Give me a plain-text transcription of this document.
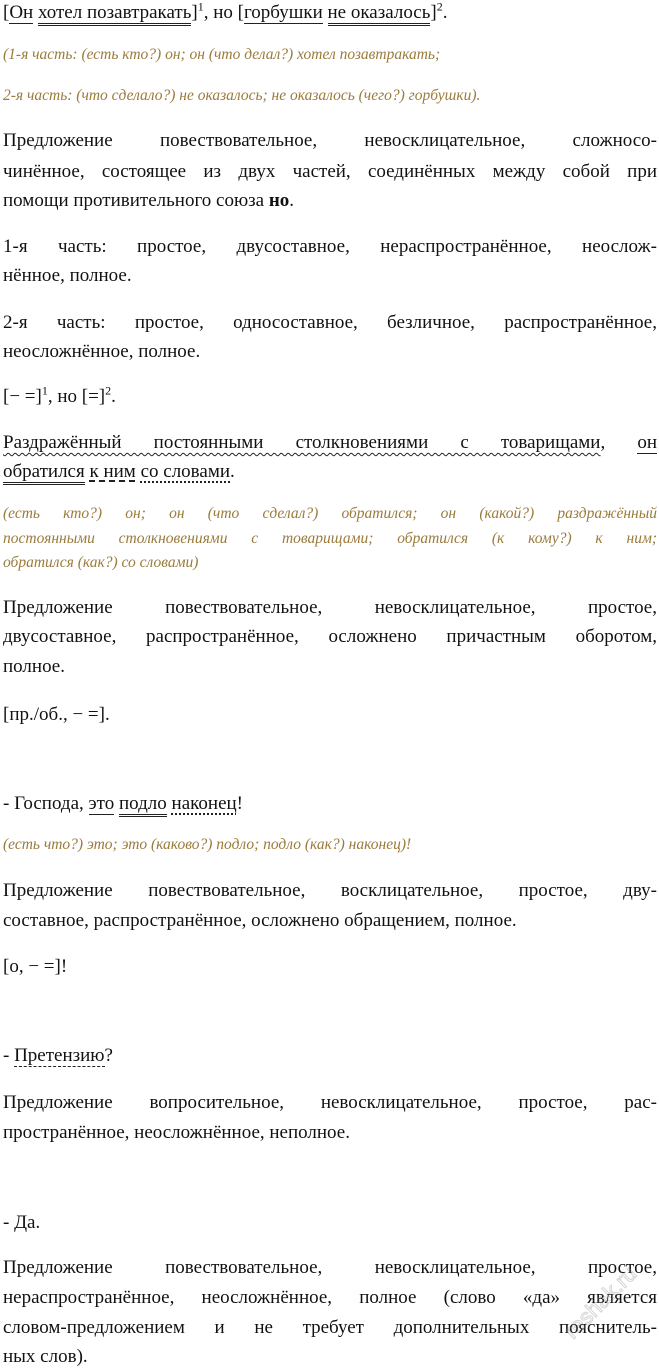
[Он хотел позавтракать]$^1$, но [горбушки не оказалось]$^2$.
(1-я часть: (есть кто?) он; он (что делал?) хотел позавтракать;
2-я часть: (что сделало?) не оказалось; не оказалось (чего?) горбушки).
Предложение повествовательное, невосклицательное, сложносо-
чинённое, состоящее из двух частей, соединённых между собой при
помощи противительного союза но.
1-я часть: простое, двусоставное, нераспространённое, неослож-
нённое, полное.
2-я часть: простое, односоставное, безличное, распространённое,
неосложнённое, полное.
[− =]$^1$, но [=]$^2$.
Раздражённый постоянными столкновениями с товарищами, он
обратился к ним со словами.
(есть кто?) он; он (что сделал?) обратился; он (какой?) раздражённый
постоянными столкновениями с товарищами; обратился (к кому?) к ним;
обратился (как?) со словами)
Предложение повествовательное, невосклицательное, простое,
двусоставное, распространённое, осложнено причастным оборотом,
полное.
[пр./об., − =].
- Господа, это подло наконец!
(есть что?) это; это (каково?) подло; подло (как?) наконец)!
Предложение повествовательное, восклицательное, простое, дву-
составное, распространённое, осложнено обращением, полное.
[о, − =]!
- Претензию?
Предложение вопросительное, невосклицательное, простое, рас-
пространённое, неосложнённое, неполное.
- Да.
Предложение повествовательное, невосклицательное, простое,
нераспространённое, неосложнённое, полное (слово «да» является
словом-предложением и не требует дополнительных пояснитель-
ных слов).
reshak.ru
